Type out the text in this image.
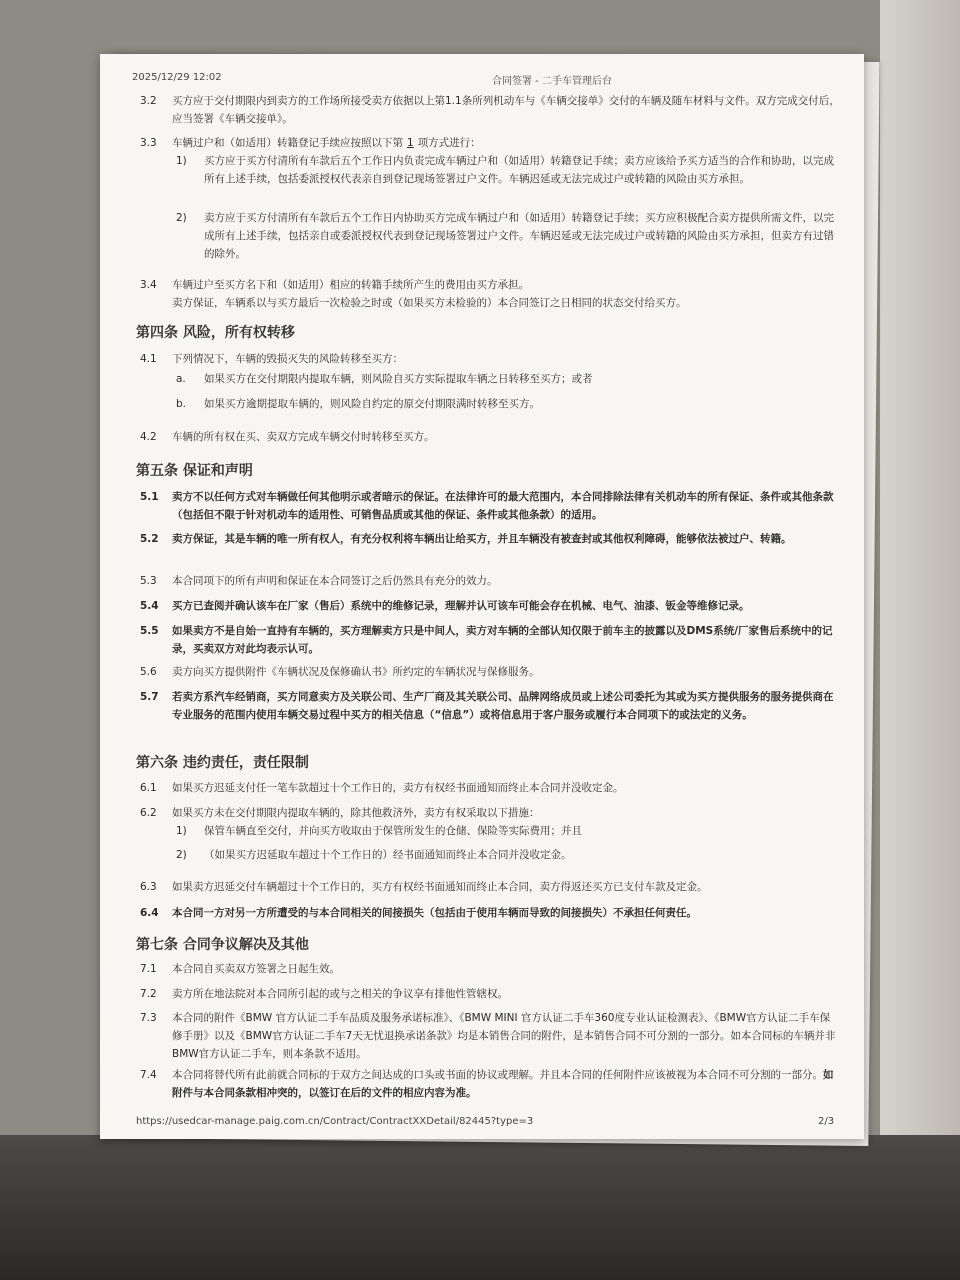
2025/12/29 12:02	合同签署 - 二手车管理后台
3.2 买方应于交付期限内到卖方的工作场所接受卖方依据以上第1.1条所列机动车与《车辆交接单》交付的车辆及随车材料与文件。双方完成交付后，应当签署《车辆交接单》。
3.3 车辆过户和（如适用）转籍登记手续应按照以下第 1 项方式进行：
1) 买方应于买方付清所有车款后五个工作日内负责完成车辆过户和（如适用）转籍登记手续；卖方应该给予买方适当的合作和协助，以完成所有上述手续，包括委派授权代表亲自到登记现场签署过户文件。车辆迟延或无法完成过户或转籍的风险由买方承担。
2) 卖方应于买方付清所有车款后五个工作日内协助买方完成车辆过户和（如适用）转籍登记手续；买方应积极配合卖方提供所需文件，以完成所有上述手续，包括亲自或委派授权代表到登记现场签署过户文件。车辆迟延或无法完成过户或转籍的风险由买方承担，但卖方有过错的除外。
3.4 车辆过户至买方名下和（如适用）相应的转籍手续所产生的费用由买方承担。
卖方保证，车辆系以与买方最后一次检验之时或（如果买方未检验的）本合同签订之日相同的状态交付给买方。
第四条 风险，所有权转移
4.1 下列情况下，车辆的毁损灭失的风险转移至买方：
a. 如果买方在交付期限内提取车辆，则风险自买方实际提取车辆之日转移至买方；或者
b. 如果买方逾期提取车辆的，则风险自约定的原交付期限满时转移至买方。
4.2 车辆的所有权在买、卖双方完成车辆交付时转移至买方。
第五条 保证和声明
5.1 卖方不以任何方式对车辆做任何其他明示或者暗示的保证。在法律许可的最大范围内，本合同排除法律有关机动车的所有保证、条件或其他条款（包括但不限于针对机动车的适用性、可销售品质或其他的保证、条件或其他条款）的适用。
5.2 卖方保证，其是车辆的唯一所有权人，有充分权利将车辆出让给买方，并且车辆没有被查封或其他权利障碍，能够依法被过户、转籍。
5.3 本合同项下的所有声明和保证在本合同签订之后仍然具有充分的效力。
5.4 买方已查阅并确认该车在厂家（售后）系统中的维修记录，理解并认可该车可能会存在机械、电气、油漆、钣金等维修记录。
5.5 如果卖方不是自始一直持有车辆的，买方理解卖方只是中间人，卖方对车辆的全部认知仅限于前车主的披露以及DMS系统/厂家售后系统中的记录，买卖双方对此均表示认可。
5.6 卖方向买方提供附件《车辆状况及保修确认书》所约定的车辆状况与保修服务。
5.7 若卖方系汽车经销商，买方同意卖方及关联公司、生产厂商及其关联公司、品牌网络成员或上述公司委托为其或为买方提供服务的服务提供商在专业服务的范围内使用车辆交易过程中买方的相关信息（“信息”）或将信息用于客户服务或履行本合同项下的或法定的义务。
第六条 违约责任，责任限制
6.1 如果买方迟延支付任一笔车款超过十个工作日的，卖方有权经书面通知而终止本合同并没收定金。
6.2 如果买方未在交付期限内提取车辆的，除其他救济外，卖方有权采取以下措施：
1) 保管车辆直至交付，并向买方收取由于保管所发生的仓储、保险等实际费用；并且
2) （如果买方迟延取车超过十个工作日的）经书面通知而终止本合同并没收定金。
6.3 如果卖方迟延交付车辆超过十个工作日的，买方有权经书面通知而终止本合同，卖方得返还买方已支付车款及定金。
6.4 本合同一方对另一方所遭受的与本合同相关的间接损失（包括由于使用车辆而导致的间接损失）不承担任何责任。
第七条 合同争议解决及其他
7.1 本合同自买卖双方签署之日起生效。
7.2 卖方所在地法院对本合同所引起的或与之相关的争议享有排他性管辖权。
7.3 本合同的附件《BMW 官方认证二手车品质及服务承诺标准》、《BMW MINI 官方认证二手车360度专业认证检测表》、《BMW官方认证二手车保修手册》以及《BMW官方认证二手车7天无忧退换承诺条款》均是本销售合同的附件，是本销售合同不可分割的一部分。如本合同标的车辆并非BMW官方认证二手车，则本条款不适用。
7.4 本合同将替代所有此前就合同标的于双方之间达成的口头或书面的协议或理解。并且本合同的任何附件应该被视为本合同不可分割的一部分。如附件与本合同条款相冲突的，以签订在后的文件的相应内容为准。
https://usedcar-manage.paig.com.cn/Contract/ContractXXDetail/82445?type=3	2/3
